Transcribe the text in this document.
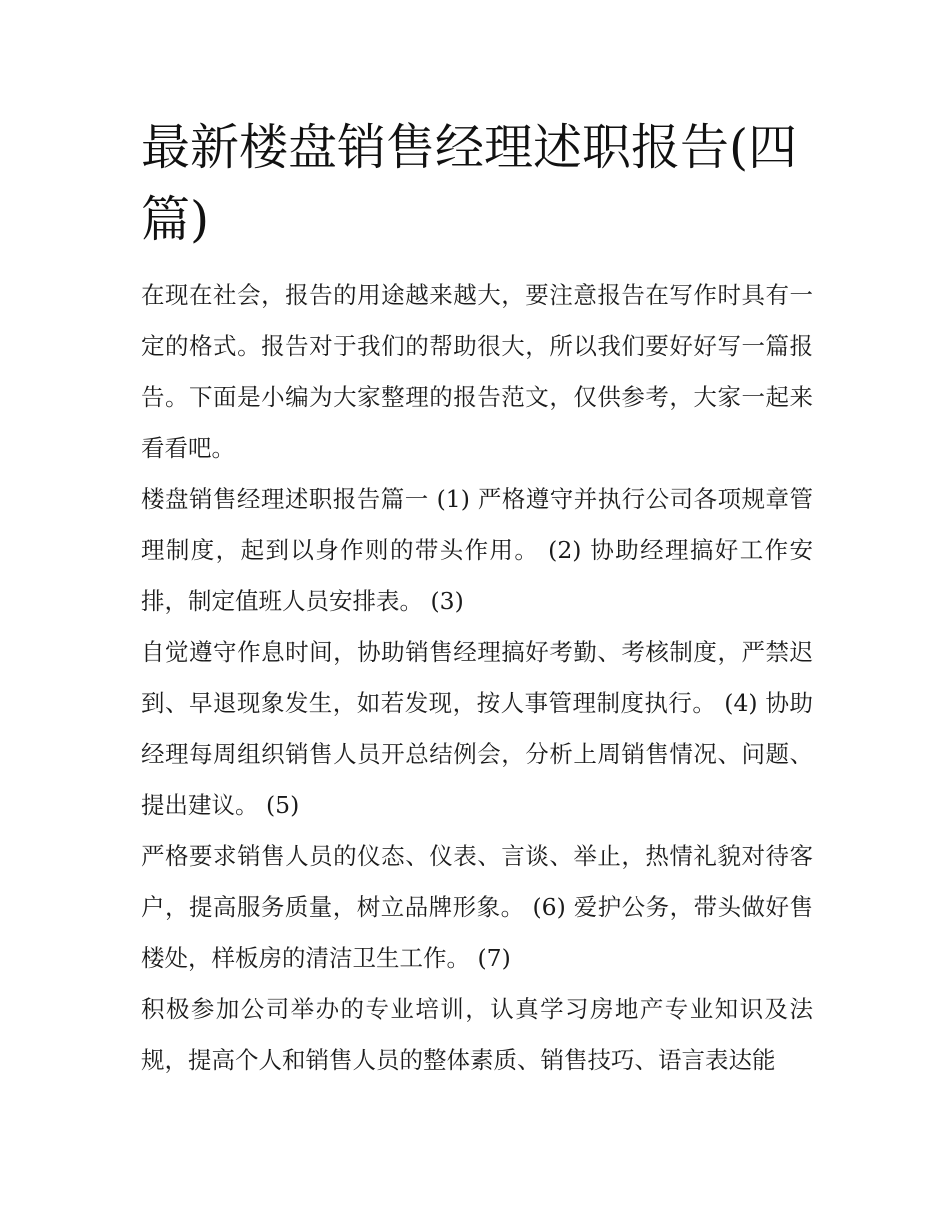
最新楼盘销售经理述职报告(四篇)

在现在社会，报告的用途越来越大，要注意报告在写作时具有一定的格式。报告对于我们的帮助很大，所以我们要好好写一篇报告。下面是小编为大家整理的报告范文，仅供参考，大家一起来看看吧。

楼盘销售经理述职报告篇一 (1) 严格遵守并执行公司各项规章管理制度，起到以身作则的带头作用。 (2) 协助经理搞好工作安排，制定值班人员安排表。 (3)

自觉遵守作息时间，协助销售经理搞好考勤、考核制度，严禁迟到、早退现象发生，如若发现，按人事管理制度执行。 (4) 协助经理每周组织销售人员开总结例会，分析上周销售情况、问题、提出建议。 (5)

严格要求销售人员的仪态、仪表、言谈、举止，热情礼貌对待客户，提高服务质量，树立品牌形象。 (6) 爱护公务，带头做好售楼处，样板房的清洁卫生工作。 (7)

积极参加公司举办的专业培训，认真学习房地产专业知识及法规，提高个人和销售人员的整体素质、销售技巧、语言表达能
